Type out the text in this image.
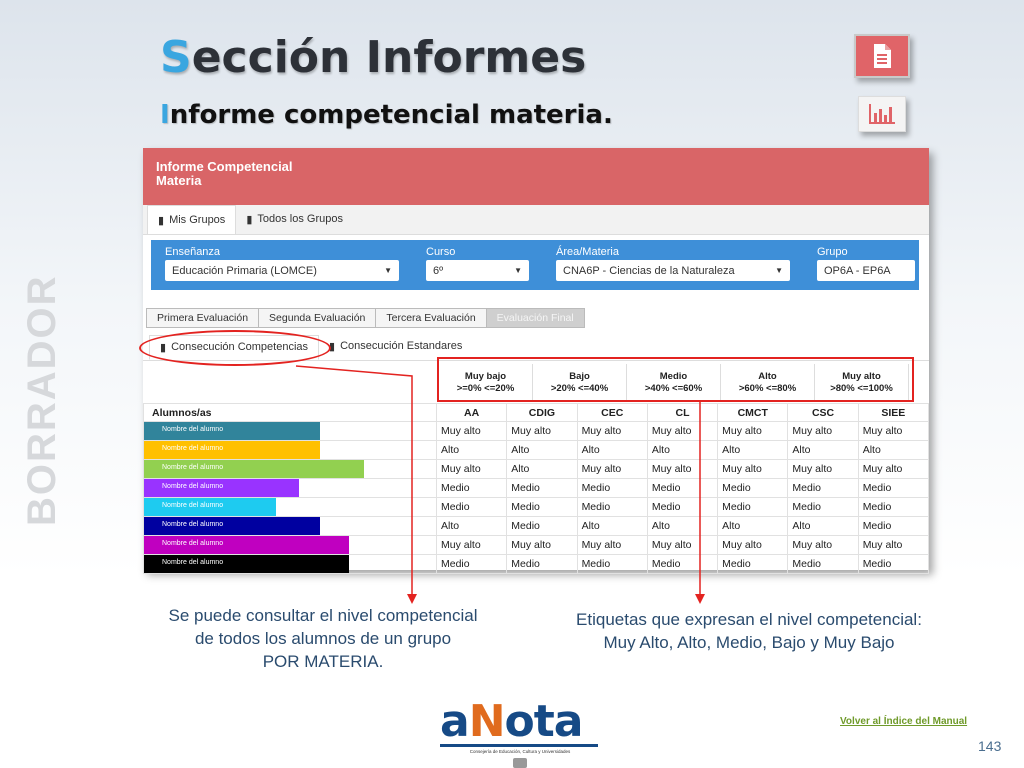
BORRADOR
Sección Informes
Informe competencial materia.
Informe Competencial
Materia
▮ Mis Grupos ▮ Todos los Grupos
Enseñanza
Educación Primaria (LOMCE)	▼
Curso
6º	▼
Área/Materia
CNA6P - Ciencias de la Naturaleza	▼
Grupo
OP6A - EP6A
Primera Evaluación	Segunda Evaluación	Tercera Evaluación	Evaluación Final
▮ Consecución Competencias ▮ Consecución Estandares
Muy bajo
>=0% <=20%
Bajo
>20% <=40%
Medio
>40% <=60%
Alto
>60% <=80%
Muy alto
>80% <=100%
Alumnos/as	AA	CDIG	CEC	CL	CMCT	CSC	SIEE

Nombre del alumno	Muy alto	Muy alto	Muy alto	Muy alto	Muy alto	Muy alto	Muy alto

Nombre del alumno	Alto	Alto	Alto	Alto	Alto	Alto	Alto

Nombre del alumno	Muy alto	Alto	Muy alto	Muy alto	Muy alto	Muy alto	Muy alto

Nombre del alumno	Medio	Medio	Medio	Medio	Medio	Medio	Medio

Nombre del alumno	Medio	Medio	Medio	Medio	Medio	Medio	Medio

Nombre del alumno	Alto	Medio	Alto	Alto	Alto	Alto	Medio

Nombre del alumno	Muy alto	Muy alto	Muy alto	Muy alto	Muy alto	Muy alto	Muy alto

Nombre del alumno	Medio	Medio	Medio	Medio	Medio	Medio	Medio
Se puede consultar el nivel competencial
de todos los alumnos de un grupo
POR MATERIA.
Etiquetas que expresan el nivel competencial:
Muy Alto, Alto, Medio, Bajo y Muy Bajo
aNota
Consejería de Educación, Cultura y Universidades
Volver al Índice del Manual
143
